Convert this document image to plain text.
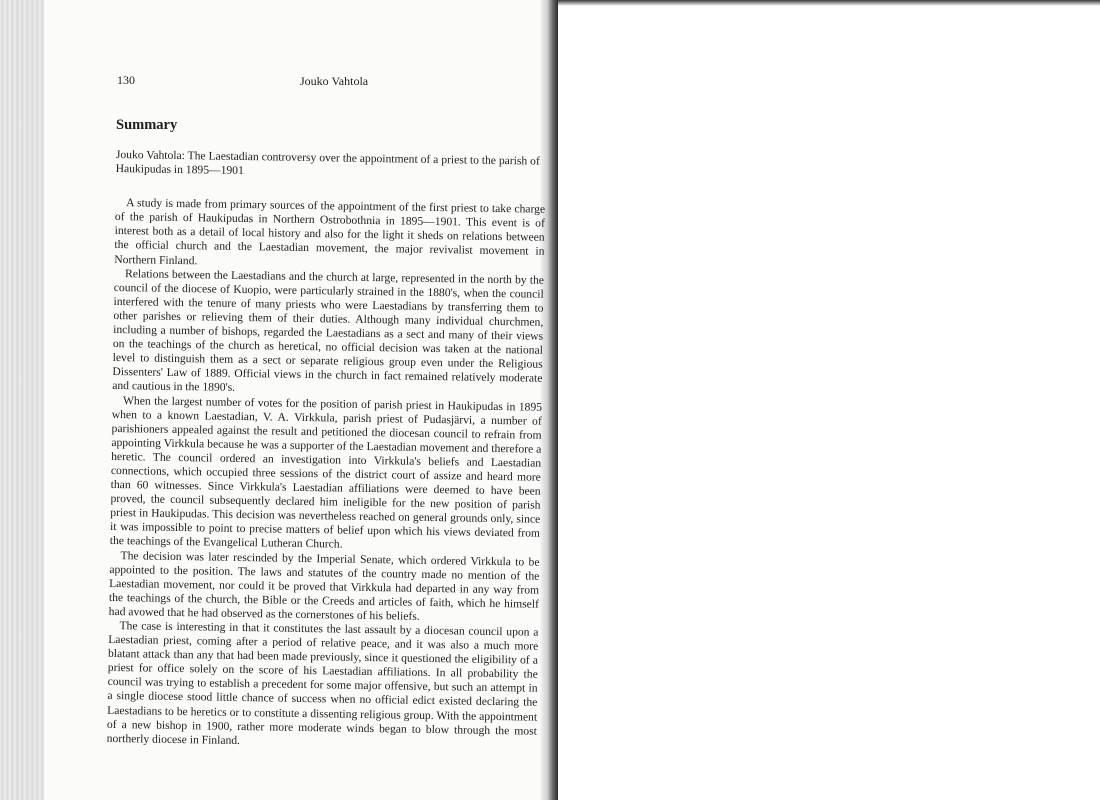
130	Jouko Vahtola
Summary

Jouko Vahtola: The Laestadian controversy over the appointment of a priest to the parish of Haukipudas in 1895—1901

A study is made from primary sources of the appointment of the first priest to take charge of the parish of Haukipudas in Northern Ostrobothnia in 1895—1901. This event is of interest both as a detail of local history and also for the light it sheds on relations between the official church and the Laestadian movement, the major revivalist movement in Northern Finland.

Relations between the Laestadians and the church at large, represented in the north by the council of the diocese of Kuopio, were particularly strained in the 1880's, when the council interfered with the tenure of many priests who were Laestadians by transferring them to other parishes or relieving them of their duties. Although many individual churchmen, including a number of bishops, regarded the Laestadians as a sect and many of their views on the teachings of the church as heretical, no official decision was taken at the national level to distinguish them as a sect or separate religious group even under the Religious Dissenters' Law of 1889. Official views in the church in fact remained relatively moderate and cautious in the 1890's.

When the largest number of votes for the position of parish priest in Haukipudas in 1895 when to a known Laestadian, V. A. Virkkula, parish priest of Pudasjärvi, a number of parishioners appealed against the result and petitioned the diocesan council to refrain from appointing Virkkula because he was a supporter of the Laestadian movement and therefore a heretic. The council ordered an investigation into Virkkula's beliefs and Laestadian connections, which occupied three sessions of the district court of assize and heard more than 60 witnesses. Since Virkkula's Laestadian affiliations were deemed to have been proved, the council subsequently declared him ineligible for the new position of parish priest in Haukipudas. This decision was nevertheless reached on general grounds only, since it was impossible to point to precise matters of belief upon which his views deviated from the teachings of the Evangelical Lutheran Church.

The decision was later rescinded by the Imperial Senate, which ordered Virkkula to be appointed to the position. The laws and statutes of the country made no mention of the Laestadian movement, nor could it be proved that Virkkula had departed in any way from the teachings of the church, the Bible or the Creeds and articles of faith, which he himself had avowed that he had observed as the cornerstones of his beliefs.

The case is interesting in that it constitutes the last assault by a diocesan council upon a Laestadian priest, coming after a period of relative peace, and it was also a much more blatant attack than any that had been made previously, since it questioned the eligibility of a priest for office solely on the score of his Laestadian affiliations. In all probability the council was trying to establish a precedent for some major offensive, but such an attempt in a single diocese stood little chance of success when no official edict existed declaring the Laestadians to be heretics or to constitute a dissenting religious group. With the appointment of a new bishop in 1900, rather more moderate winds began to blow through the most northerly diocese in Finland.
